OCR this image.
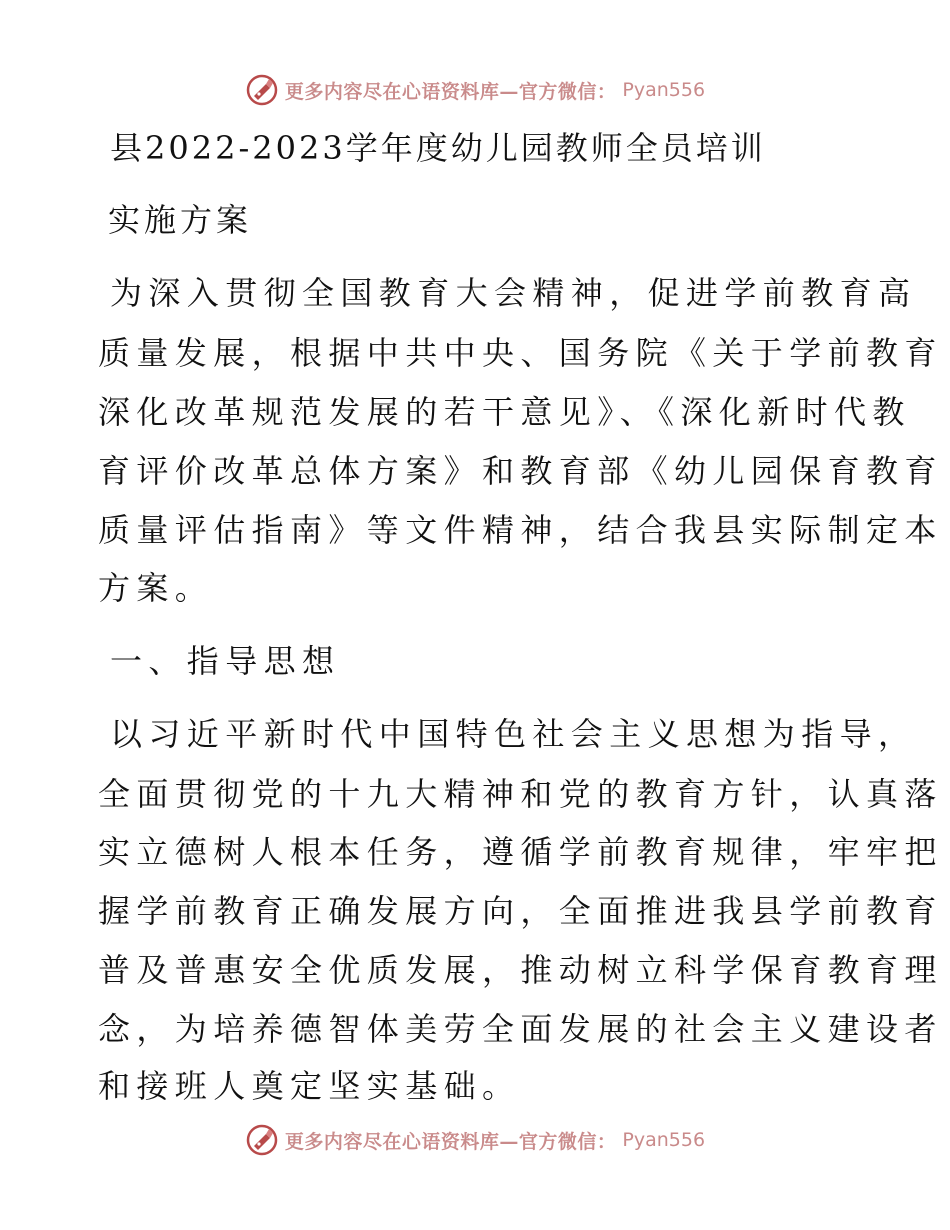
更多内容尽在心语资料库—官方微信： Pyan556
县2022-2023学年度幼儿园教师全员培训
实施方案
为深入贯彻全国教育大会精神，促进学前教育高
质量发展，根据中共中央、国务院《关于学前教育
深化改革规范发展的若干意见》、《深化新时代教
育评价改革总体方案》和教育部《幼儿园保育教育
质量评估指南》等文件精神，结合我县实际制定本
方案。
一、指导思想
以习近平新时代中国特色社会主义思想为指导，
全面贯彻党的十九大精神和党的教育方针，认真落
实立德树人根本任务，遵循学前教育规律，牢牢把
握学前教育正确发展方向，全面推进我县学前教育
普及普惠安全优质发展，推动树立科学保育教育理
念，为培养德智体美劳全面发展的社会主义建设者
和接班人奠定坚实基础。
更多内容尽在心语资料库—官方微信： Pyan556
